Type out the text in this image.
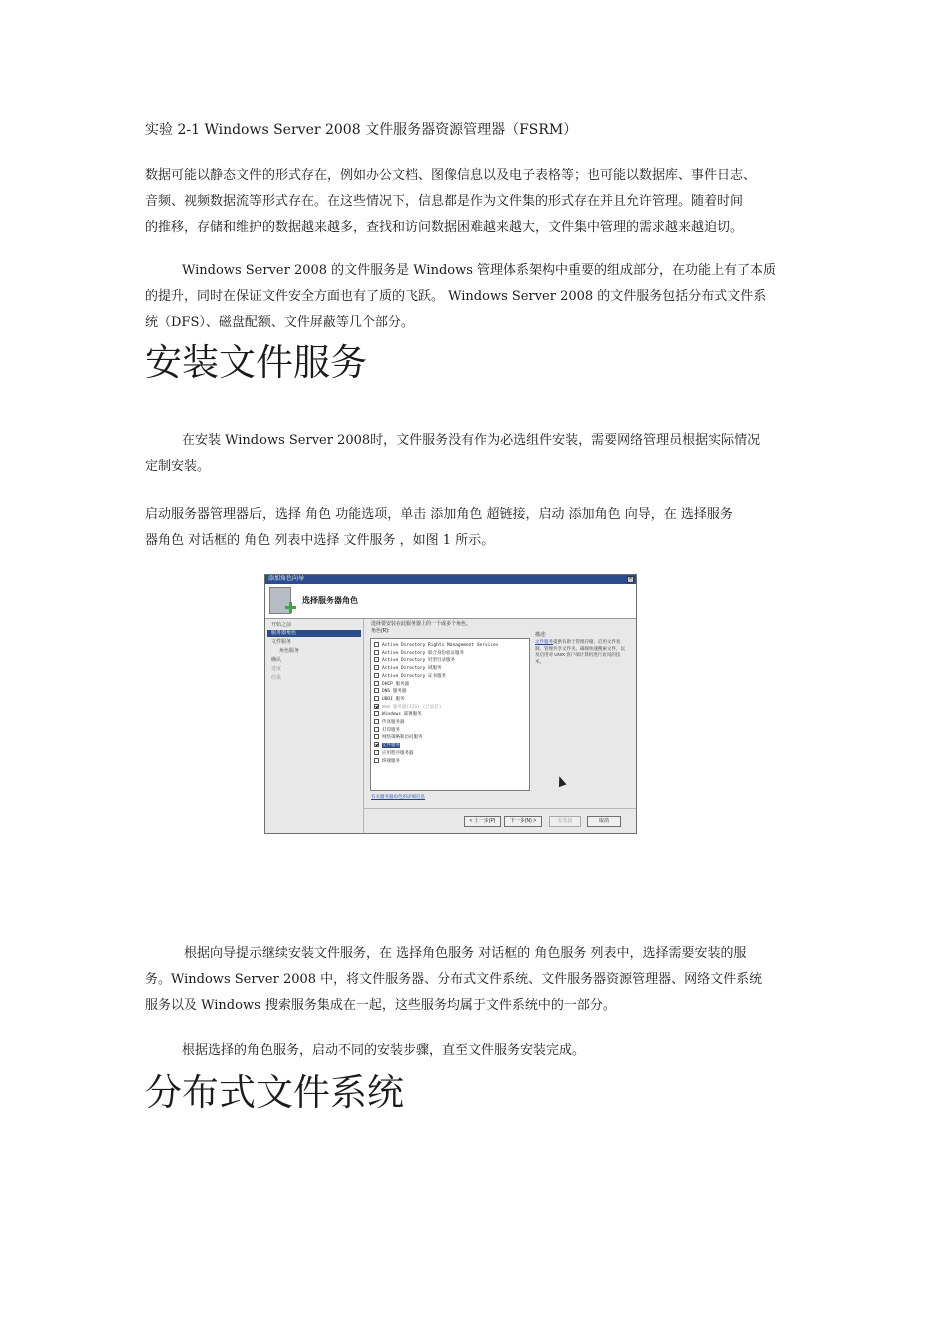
实验 2-1 Windows Server 2008 文件服务器资源管理器（FSRM）
数据可能以静态文件的形式存在，例如办公文档、图像信息以及电子表格等；也可能以数据库、事件日志、
音频、视频数据流等形式存在。在这些情况下，信息都是作为文件集的形式存在并且允许管理。随着时间
的推移，存储和维护的数据越来越多，查找和访问数据困难越来越大，文件集中管理的需求越来越迫切。
Windows Server 2008 的文件服务是 Windows 管理体系架构中重要的组成部分，在功能上有了本质
的提升，同时在保证文件安全方面也有了质的飞跃。 Windows Server 2008 的文件服务包括分布式文件系
统（DFS）、磁盘配额、文件屏蔽等几个部分。
安装文件服务
在安装 Windows Server 2008时，文件服务没有作为必选组件安装，需要网络管理员根据实际情况
定制安装。
启动服务器管理器后，选择 角色 功能选项，单击 添加角色 超链接，启动 添加角色 向导，在 选择服务
器角色 对话框的 角色 列表中选择 文件服务 ，如图 1 所示。
添加角色向导	×
选择服务器角色
开始之前
服务器角色
文件服务
角色服务
确认
进度
结果
选择要安装在此服务器上的一个或多个角色。
角色(R):
Active Directory Rights Management Services
Active Directory 联合身份验证服务
Active Directory 轻型目录服务
Active Directory 域服务
Active Directory 证书服务
DHCP 服务器
DNS 服务器
UDDI 服务
Web 服务器(IIS) (已安装)
Windows 部署服务
传真服务器
打印服务
网络策略和访问服务
文件服务
应用程序服务器
终端服务
描述:
文件服务提供有助于管理存储、启用文件复制、管理共享文件夹、确保快速搜索文件，以及启用对 UNIX 客户端计算机进行访问的技术。
有关服务器角色的详细信息
< 上一步(P)	下一步(N) >	安装(I)	取消
根据向导提示继续安装文件服务，在 选择角色服务 对话框的 角色服务 列表中，选择需要安装的服
务。Windows Server 2008 中，将文件服务器、分布式文件系统、文件服务器资源管理器、网络文件系统
服务以及 Windows 搜索服务集成在一起，这些服务均属于文件系统中的一部分。
根据选择的角色服务，启动不同的安装步骤，直至文件服务安装完成。
分布式文件系统
